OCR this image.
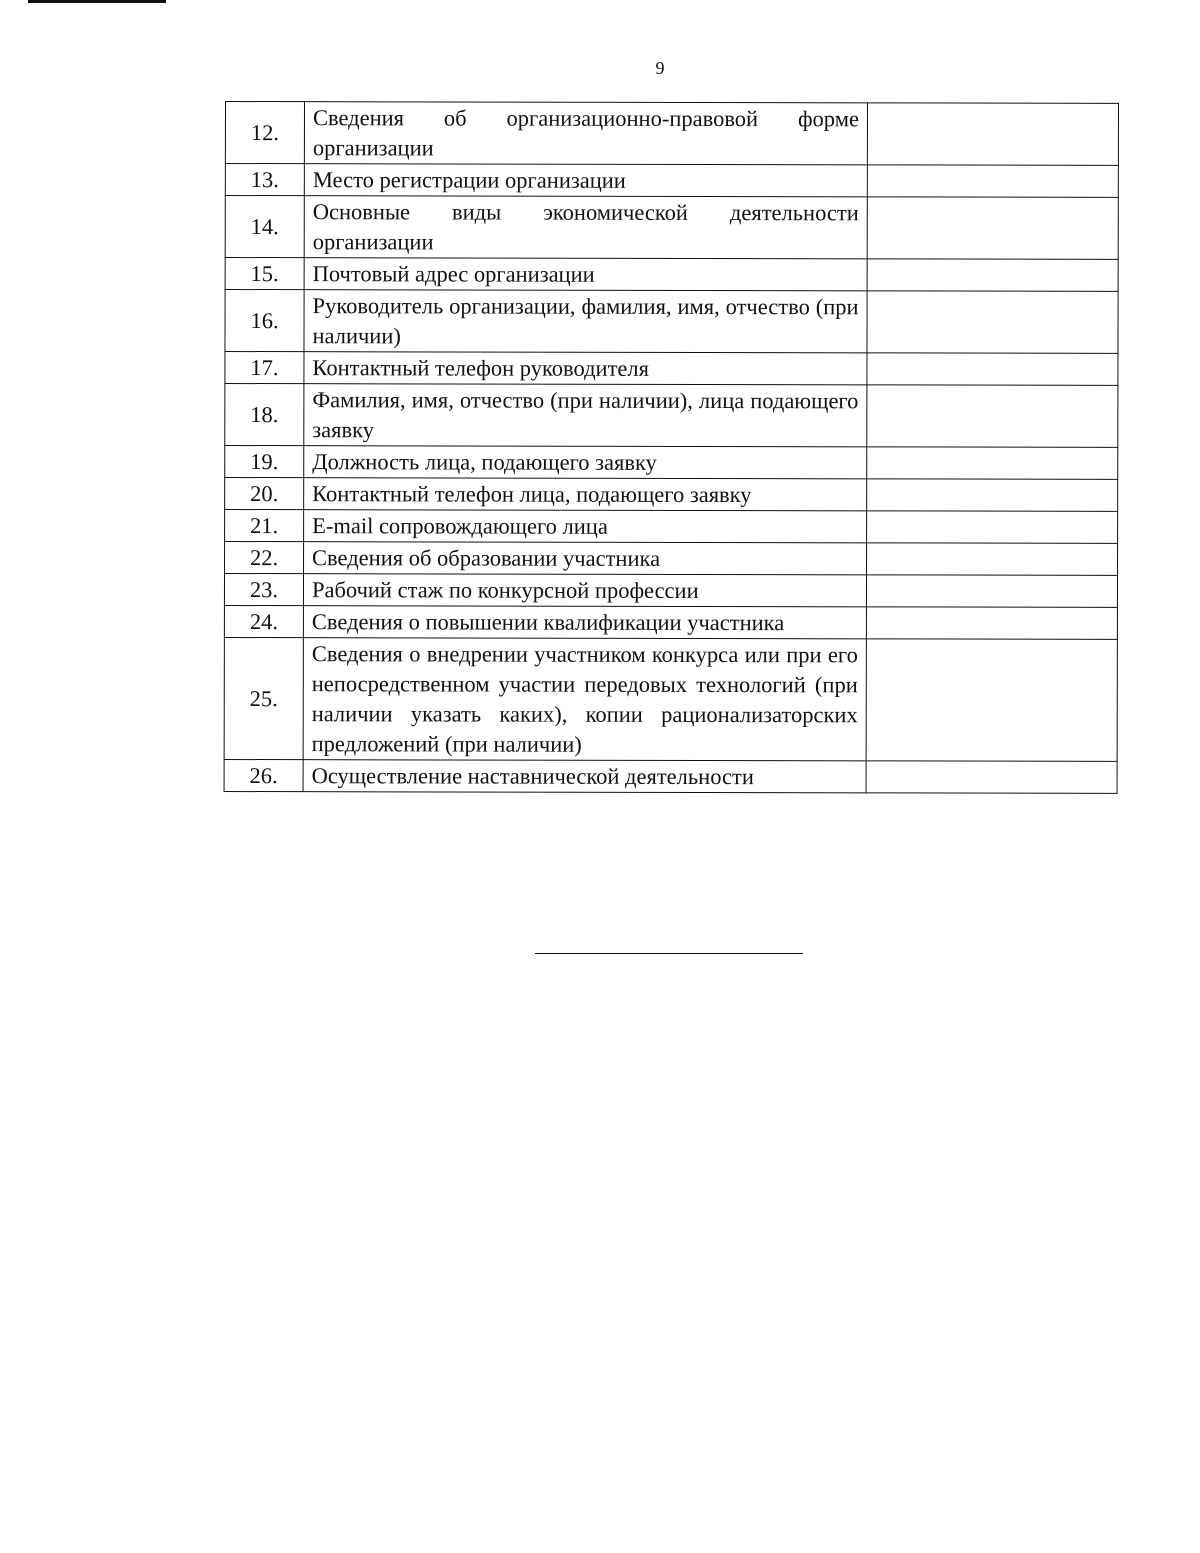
9
12.	Сведения об организационно-правовой форме организации	
13.	Место регистрации организации	
14.	Основные виды экономической деятельности организации	
15.	Почтовый адрес организации	
16.	Руководитель организации, фамилия, имя, отчество (при наличии)	
17.	Контактный телефон руководителя	
18.	Фамилия, имя, отчество (при наличии), лица подающего заявку	
19.	Должность лица, подающего заявку	
20.	Контактный телефон лица, подающего заявку	
21.	E-mail сопровождающего лица	
22.	Сведения об образовании участника	
23.	Рабочий стаж по конкурсной профессии	
24.	Сведения о повышении квалификации участника	
25.	Сведения о внедрении участником конкурса или при его непосредственном участии передовых технологий (при наличии указать каких), копии рационализаторских предложений (при наличии)	
26.	Осуществление наставнической деятельности	
